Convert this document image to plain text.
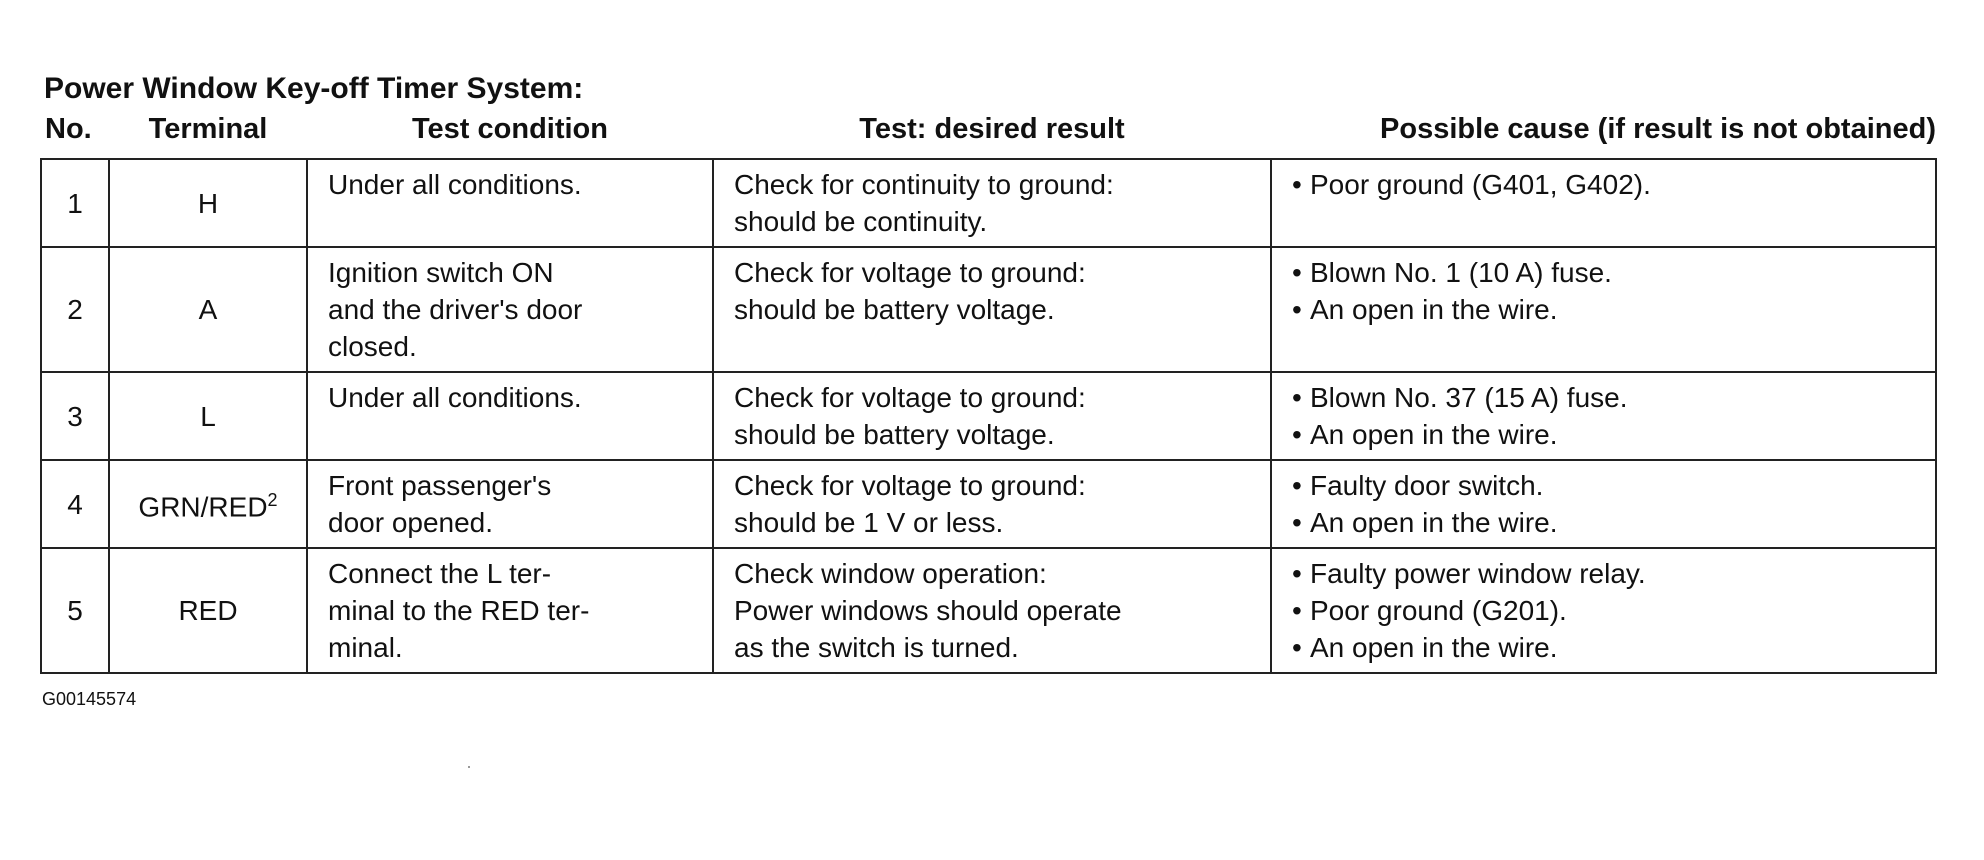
Power Window Key-off Timer System:
No.	Terminal	Test condition	Test: desired result	Possible cause (if result is not obtained)
1	H	Under all conditions.	Check for continuity to ground:
should be continuity.	• Poor ground (G401, G402).

2	A	Ignition switch ON
and the driver's door
closed.	Check for voltage to ground:
should be battery voltage.	• Blown No. 1 (10 A) fuse.
• An open in the wire.

3	L	Under all conditions.	Check for voltage to ground:
should be battery voltage.	• Blown No. 37 (15 A) fuse.
• An open in the wire.

4	GRN/RED$^2$	Front passenger's
door opened.	Check for voltage to ground:
should be 1 V or less.	• Faulty door switch.
• An open in the wire.

5	RED	Connect the L ter-
minal to the RED ter-
minal.	Check window operation:
Power windows should operate
as the switch is turned.	• Faulty power window relay.
• Poor ground (G201).
• An open in the wire.
G00145574
